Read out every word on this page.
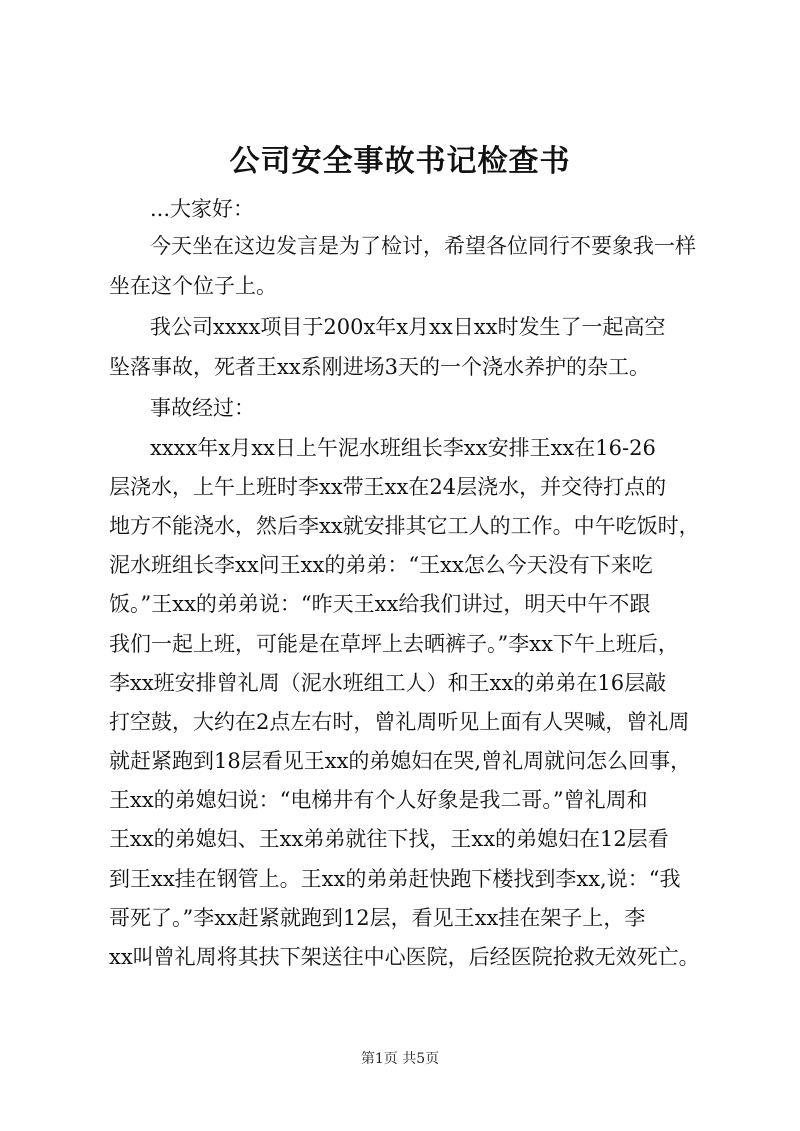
公司安全事故书记检查书

...大家好：

今天坐在这边发言是为了检讨，希望各位同行不要象我一样

坐在这个位子上。

我公司xxxx项目于200x年x月xx日xx时发生了一起高空

坠落事故，死者王xx系刚进场3天的一个浇水养护的杂工。

事故经过：

xxxx年x月xx日上午泥水班组长李xx安排王xx在16-26

层浇水，上午上班时李xx带王xx在24层浇水，并交待打点的

地方不能浇水，然后李xx就安排其它工人的工作。中午吃饭时，

泥水班组长李xx问王xx的弟弟：“王xx怎么今天没有下来吃

饭。”王xx的弟弟说：“昨天王xx给我们讲过，明天中午不跟

我们一起上班，可能是在草坪上去晒裤子。”李xx下午上班后，

李xx班安排曾礼周（泥水班组工人）和王xx的弟弟在16层敲

打空鼓，大约在2点左右时，曾礼周听见上面有人哭喊，曾礼周

就赶紧跑到18层看见王xx的弟媳妇在哭,曾礼周就问怎么回事，

王xx的弟媳妇说：“电梯井有个人好象是我二哥。”曾礼周和

王xx的弟媳妇、王xx弟弟就往下找，王xx的弟媳妇在12层看

到王xx挂在钢管上。王xx的弟弟赶快跑下楼找到李xx,说：“我

哥死了。”李xx赶紧就跑到12层，看见王xx挂在架子上，李

xx叫曾礼周将其扶下架送往中心医院，后经医院抢救无效死亡。

第1页 共5页
